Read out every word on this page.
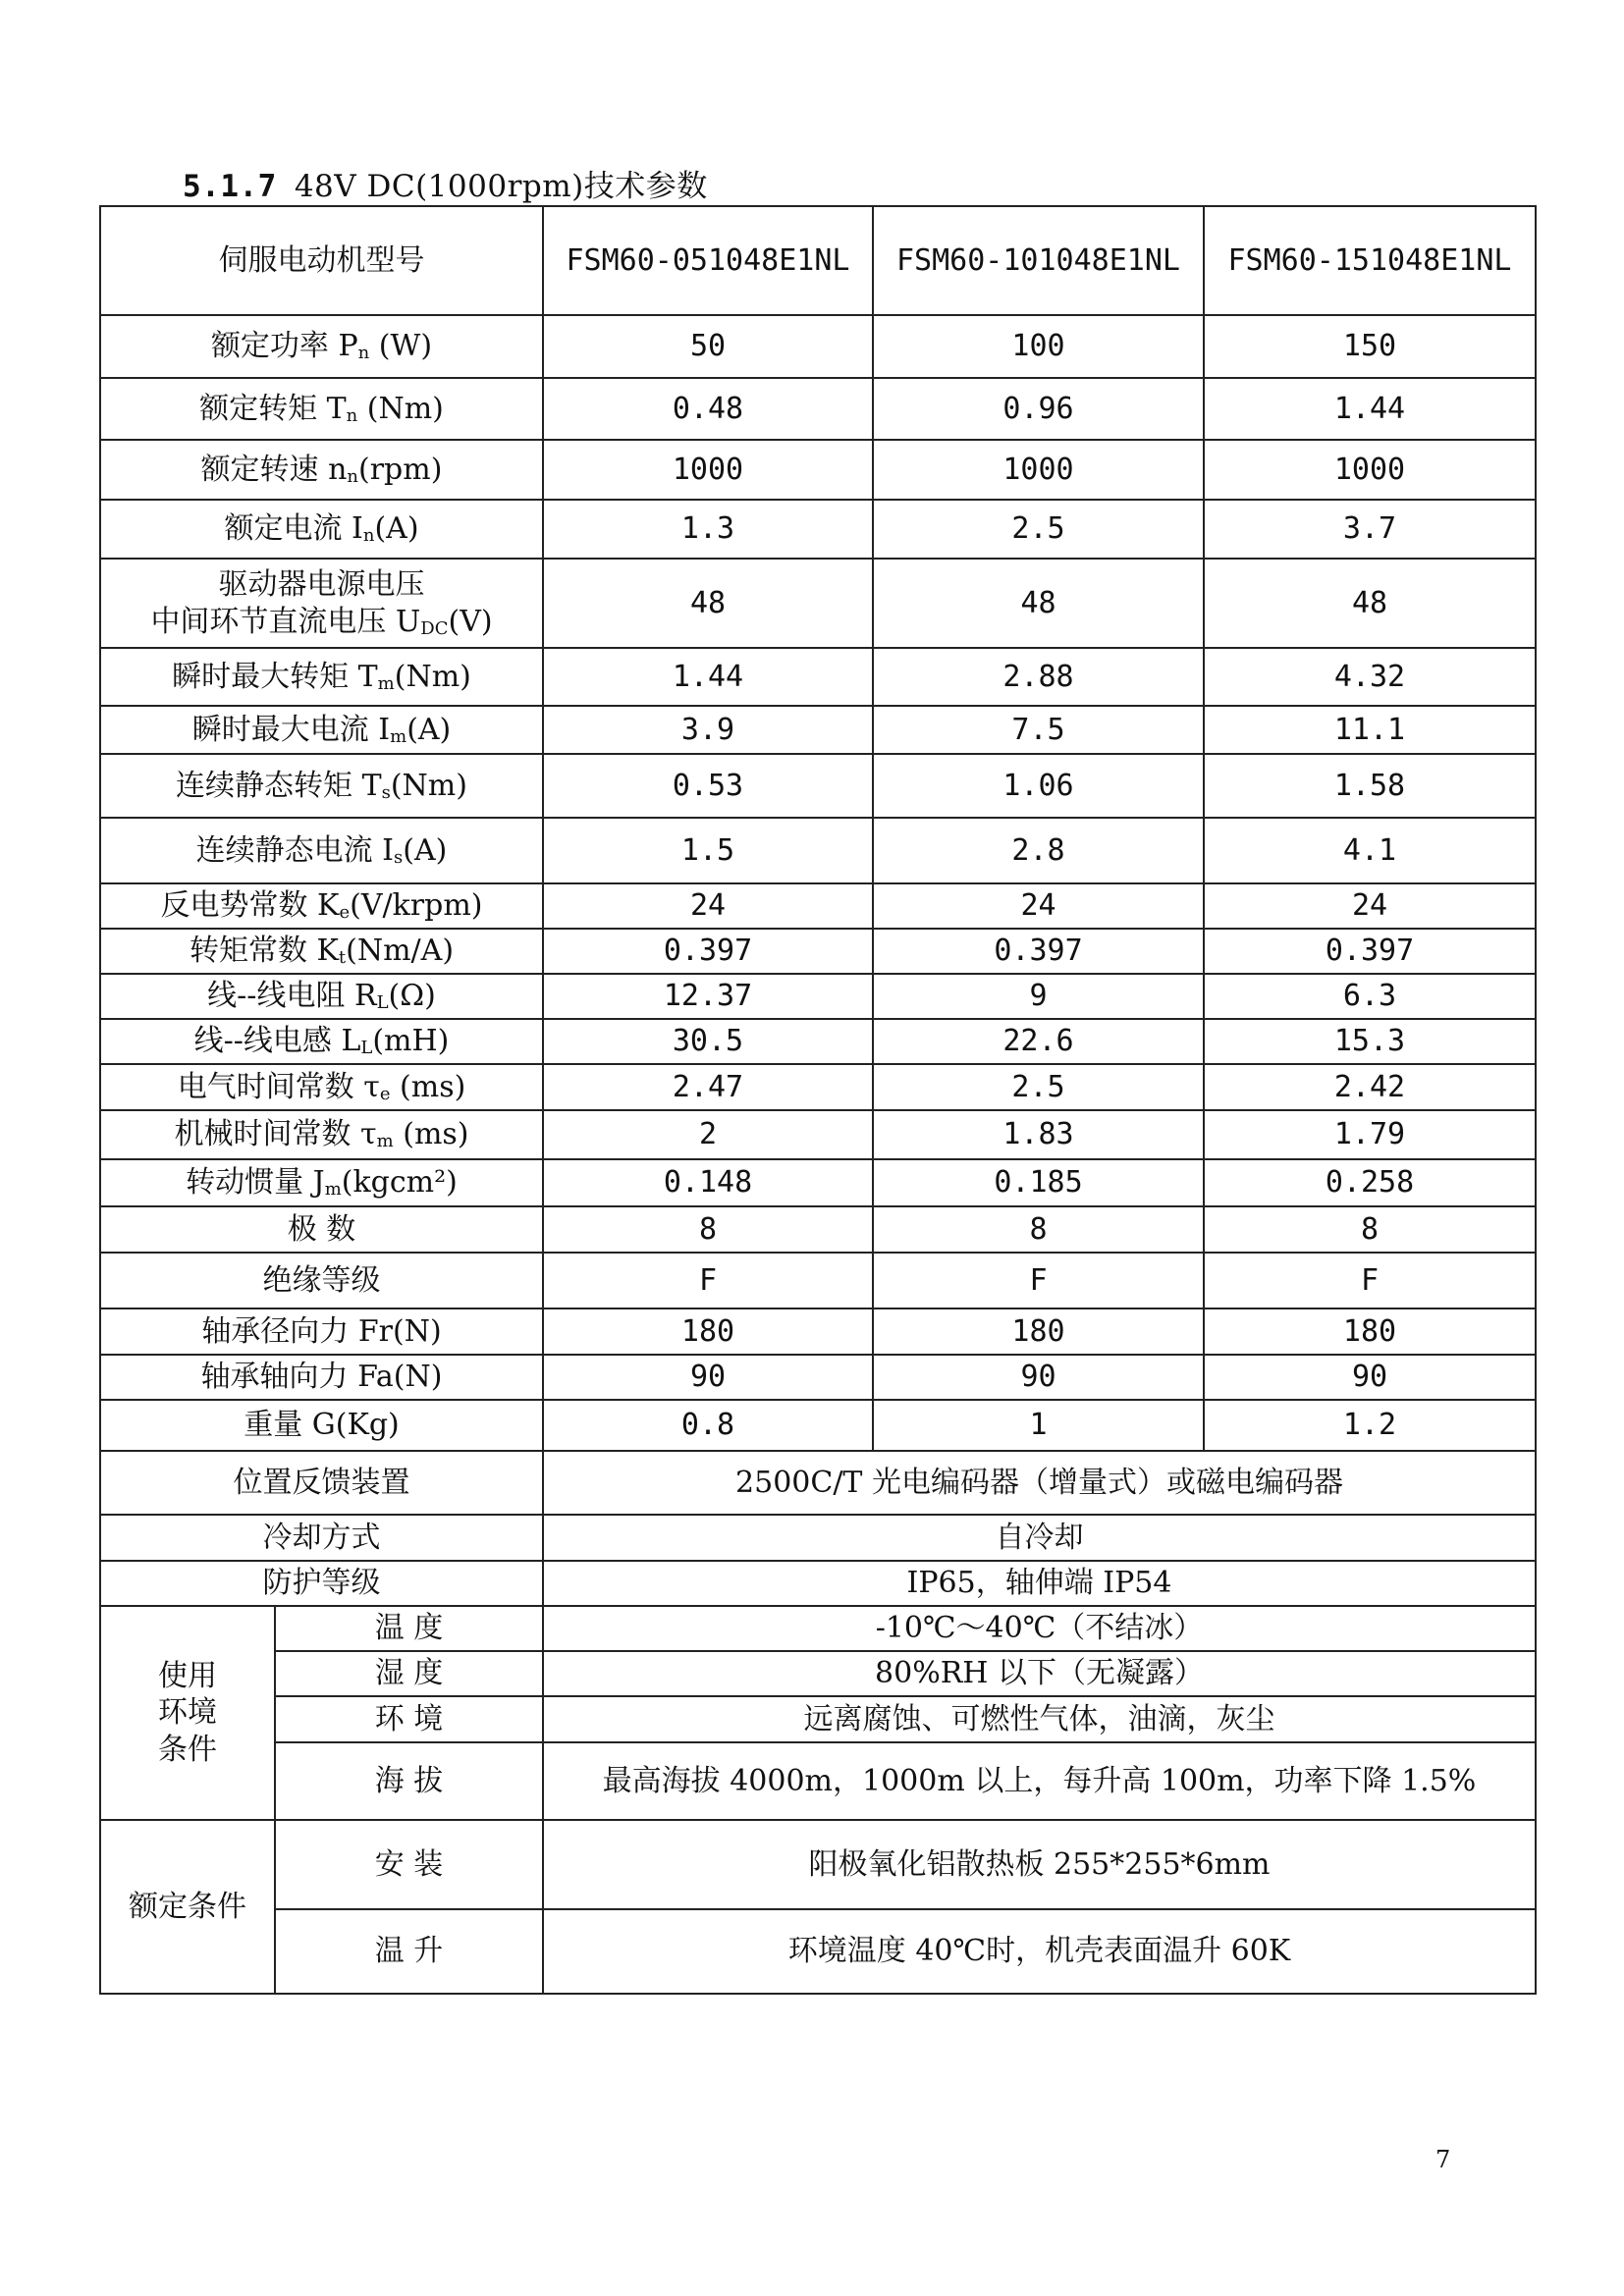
5.1.7 48V DC(1000rpm)技术参数
伺服电动机型号		FSM60-051048E1NL	FSM60-101048E1NL	FSM60-151048E1NL
额定功率 $P_n$ (W)		50	100	150
额定转矩 $T_n$ (Nm)		0.48	0.96	1.44
额定转速 $n_n(rpm)$		1000	1000	1000
额定电流 $I_n(A)$		1.3	2.5	3.7

驱动器电源电压
中间环节直流电压 $U_{DC}(V)$		48	48	48
瞬时最大转矩 $T_m(Nm)$		1.44	2.88	4.32
瞬时最大电流 $I_m(A)$		3.9	7.5	11.1
连续静态转矩 $T_s(Nm)$		0.53	1.06	1.58
连续静态电流 $I_s(A)$		1.5	2.8	4.1
反电势常数 $K_e(V/krpm)$		24	24	24
转矩常数 $K_t(Nm/A)$		0.397	0.397	0.397
线--线电阻 $R_L(\Omega)$		12.37	9	6.3
线--线电感 $L_L(mH)$		30.5	22.6	15.3
电气时间常数 $\tau_e$ (ms)		2.47	2.5	2.42
机械时间常数 $\tau_m$ (ms)		2	1.83	1.79
转动惯量 $J_m(kgcm^2)$		0.148	0.185	0.258
极 数		8	8	8
绝缘等级		F	F	F
轴承径向力 Fr(N)		180	180	180
轴承轴向力 Fa(N)		90	90	90
重量 G(Kg)		0.8	1	1.2
位置反馈装置		2500C/T 光电编码器（增量式）或磁电编码器		
冷却方式		自冷却		
防护等级		IP65，轴伸端 IP54		

使用
环境
条件	温 度	-10℃～40℃（不结冰）		
	湿 度	80%RH 以下（无凝露）		
	环 境	远离腐蚀、可燃性气体，油滴，灰尘		
	海 拔	最高海拔 4000m，1000m 以上，每升高 100m，功率下降 1.5%		
额定条件	安 装	阳极氧化铝散热板 255*255*6mm		
	温 升	环境温度 40℃时，机壳表面温升 60K		
7
